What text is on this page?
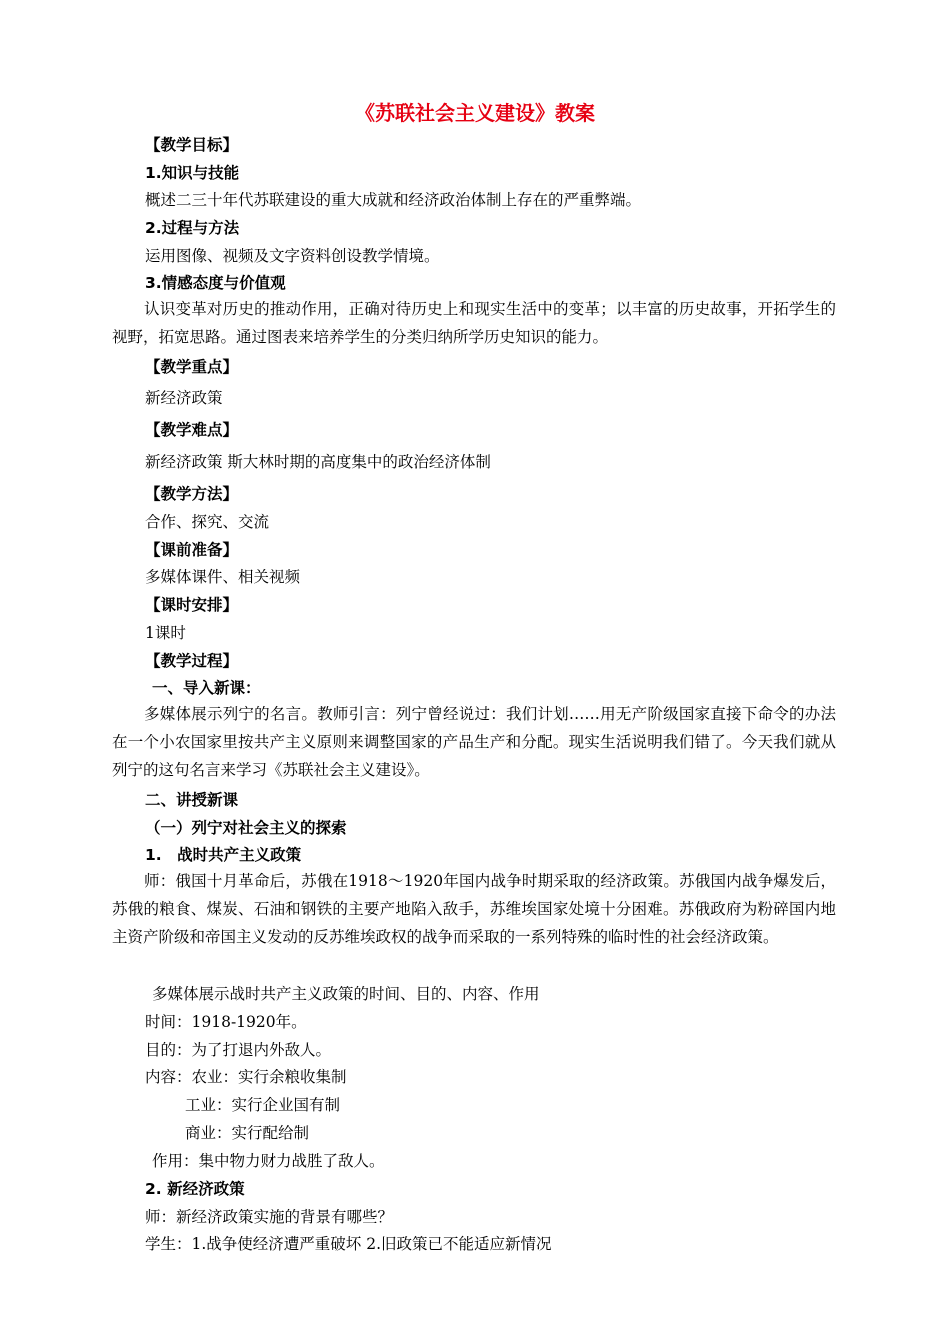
《苏联社会主义建设》教案
【教学目标】
1.知识与技能
概述二三十年代苏联建设的重大成就和经济政治体制上存在的严重弊端。
2.过程与方法
运用图像、视频及文字资料创设教学情境。
3.情感态度与价值观
认识变革对历史的推动作用，正确对待历史上和现实生活中的变革；以丰富的历史故事，开拓学生的视野，拓宽思路。通过图表来培养学生的分类归纳所学历史知识的能力。
【教学重点】
新经济政策
【教学难点】
新经济政策 斯大林时期的高度集中的政治经济体制
【教学方法】
合作、探究、交流
【课前准备】
多媒体课件、相关视频
【课时安排】
1课时
【教学过程】
一、导入新课：
多媒体展示列宁的名言。教师引言：列宁曾经说过：我们计划……用无产阶级国家直接下命令的办法在一个小农国家里按共产主义原则来调整国家的产品生产和分配。现实生活说明我们错了。今天我们就从列宁的这句名言来学习《苏联社会主义建设》。
二、讲授新课
（一）列宁对社会主义的探索
1.　战时共产主义政策
师：俄国十月革命后，苏俄在1918～1920年国内战争时期采取的经济政策。苏俄国内战争爆发后，苏俄的粮食、煤炭、石油和钢铁的主要产地陷入敌手，苏维埃国家处境十分困难。苏俄政府为粉碎国内地主资产阶级和帝国主义发动的反苏维埃政权的战争而采取的一系列特殊的临时性的社会经济政策。
多媒体展示战时共产主义政策的时间、目的、内容、作用
时间：1918-1920年。
目的：为了打退内外敌人。
内容：农业：实行余粮收集制
工业：实行企业国有制
商业：实行配给制
作用：集中物力财力战胜了敌人。
2. 新经济政策
师：新经济政策实施的背景有哪些？
学生：1.战争使经济遭严重破坏 2.旧政策已不能适应新情况
